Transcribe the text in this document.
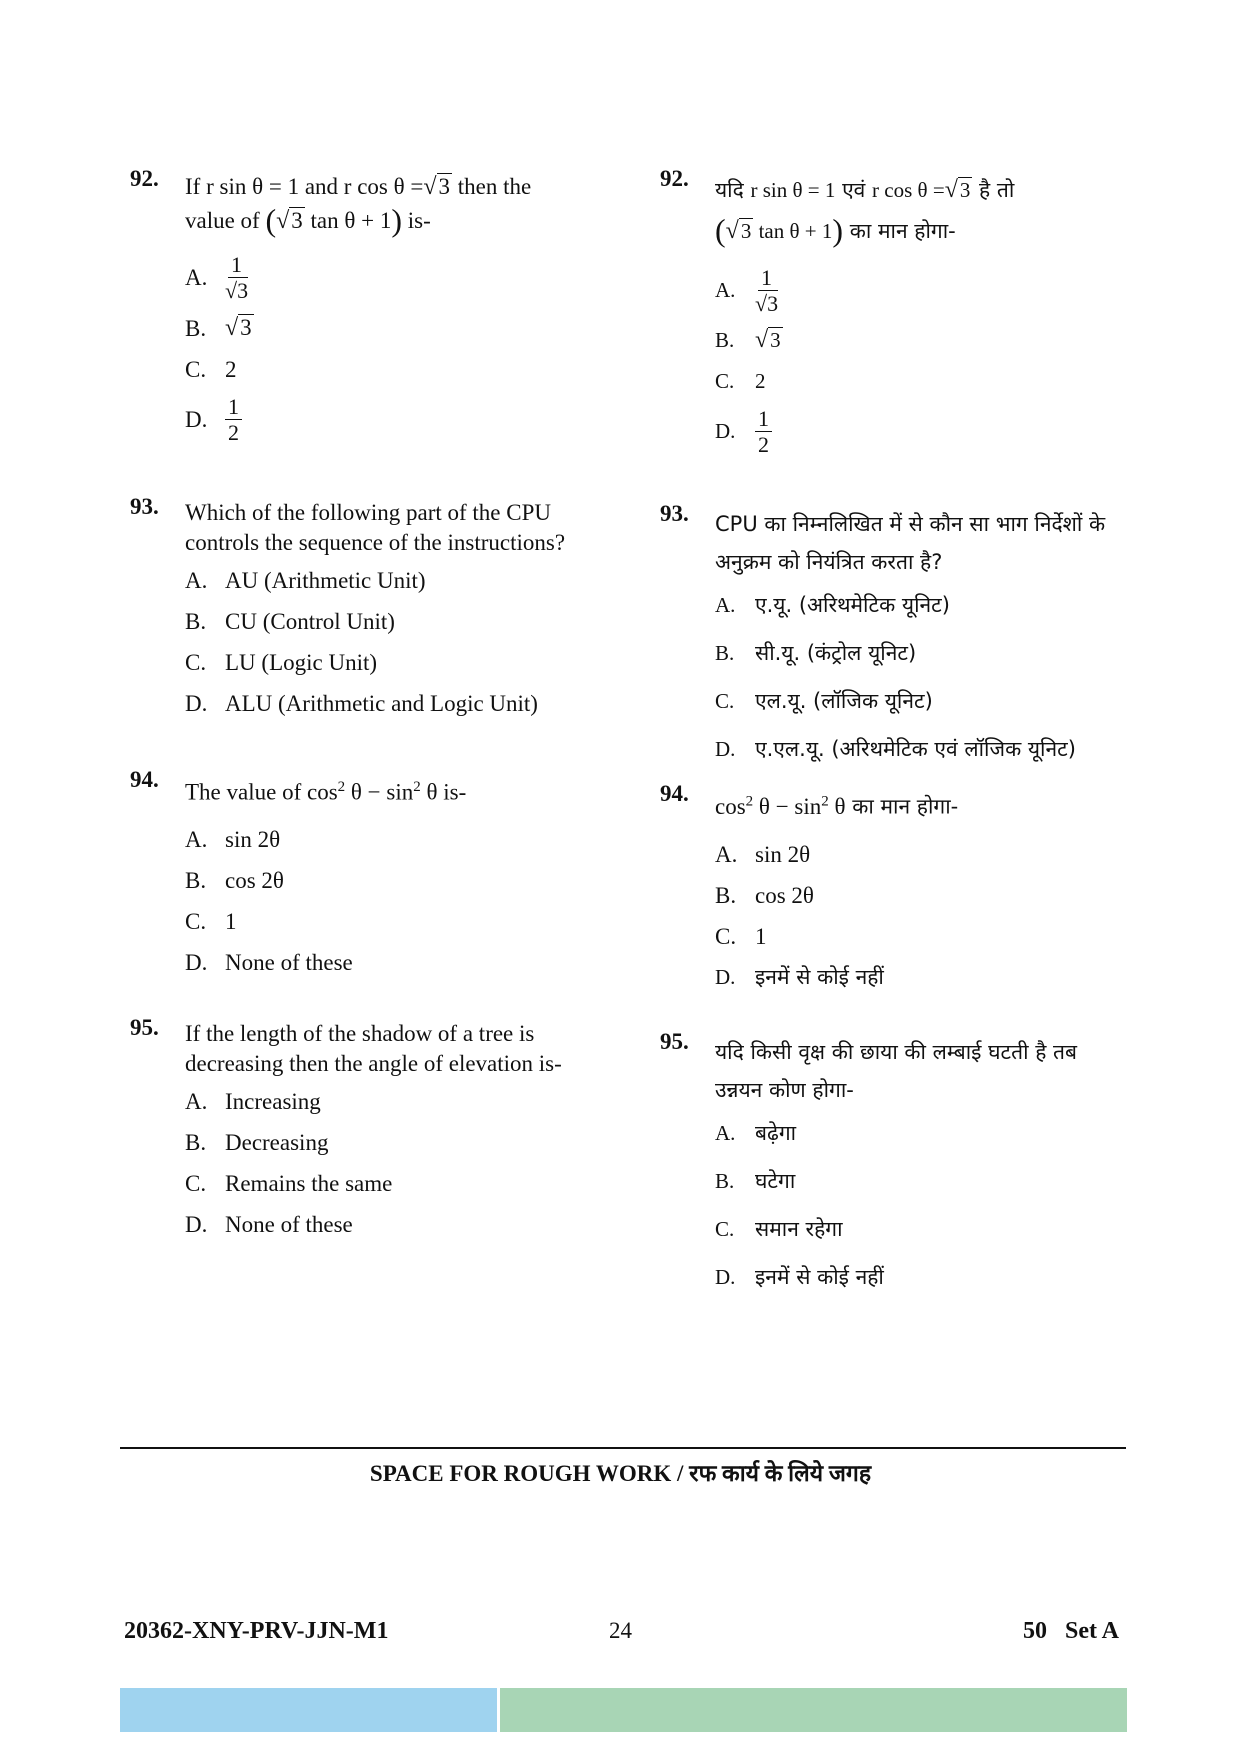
92. If r sin θ = 1 and r cos θ =√3 then the
value of (√3 tan θ + 1) is-
A. $\frac{1}{√3}$
B. √3
C. 2
D. $\frac{1}{2}$
93. Which of the following part of the CPU controls the sequence of the instructions?
A. AU (Arithmetic Unit)
B. CU (Control Unit)
C. LU (Logic Unit)
D. ALU (Arithmetic and Logic Unit)
94.
The value of $\cos^2 \theta - \sin^2 \theta$ is-
A. sin 2θ
B. cos 2θ
C. 1
D. None of these
95. If the length of the shadow of a tree is decreasing then the angle of elevation is-
A. Increasing
B. Decreasing
C. Remains the same
D. None of these
92. यदि r sin θ = 1 एवं r cos θ =√3 है तो
(√3 tan θ + 1) का मान होगा-
A. $\frac{1}{√3}$
B. √3
C. 2
D. $\frac{1}{2}$
93. CPU का निम्नलिखित में से कौन सा भाग निर्देशों के अनुक्रम को नियंत्रित करता है?
A. ए.यू. (अरिथमेटिक यूनिट)
B. सी.यू. (कंट्रोल यूनिट)
C. एल.यू. (लॉजिक यूनिट)
D. ए.एल.यू. (अरिथमेटिक एवं लॉजिक यूनिट)
94.
$\cos^2 \theta - \sin^2 \theta$ का मान होगा-
A. sin 2θ
B. cos 2θ
C. 1
D. इनमें से कोई नहीं
95. यदि किसी वृक्ष की छाया की लम्बाई घटती है तब उन्नयन कोण होगा-
A. बढ़ेगा
B. घटेगा
C. समान रहेगा
D. इनमें से कोई नहीं
SPACE FOR ROUGH WORK / रफ कार्य के लिये जगह
20362-XNY-PRV-JJN-M1	24	50   Set A
